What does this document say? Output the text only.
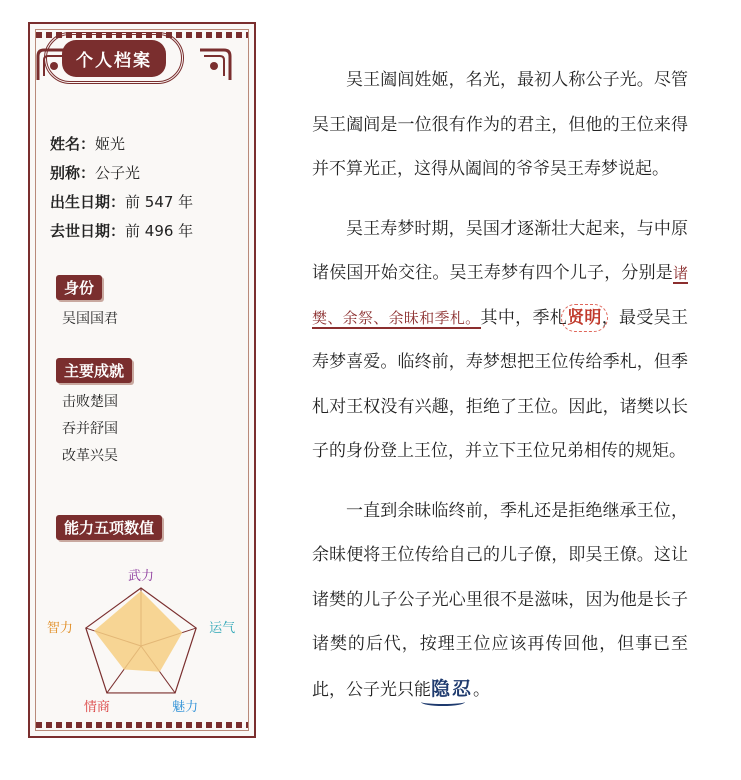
个人档案
姓名：姬光
别称：公子光
出生日期：前 547 年
去世日期：前 496 年
身份
吴国国君
主要成就
击败楚国
吞并舒国
改革兴吴
能力五项数值
武力
运气
魅力
情商
智力

吴王阖闾姓姬，名光，最初人称公子光。尽管吴王阖闾是一位很有作为的君主，但他的王位来得并不算光正，这得从阖闾的爷爷吴王寿梦说起。

吴王寿梦时期，吴国才逐渐壮大起来，与中原诸侯国开始交往。吴王寿梦有四个儿子，分别是诸樊、余祭、余昧和季札。其中，季札贤明，最受吴王寿梦喜爱。临终前，寿梦想把王位传给季札，但季札对王权没有兴趣，拒绝了王位。因此，诸樊以长子的身份登上王位，并立下王位兄弟相传的规矩。

一直到余昧临终前，季札还是拒绝继承王位，余昧便将王位传给自己的儿子僚，即吴王僚。这让诸樊的儿子公子光心里很不是滋味，因为他是长子诸樊的后代，按理王位应该再传回他，但事已至此，公子光只能隐忍。
